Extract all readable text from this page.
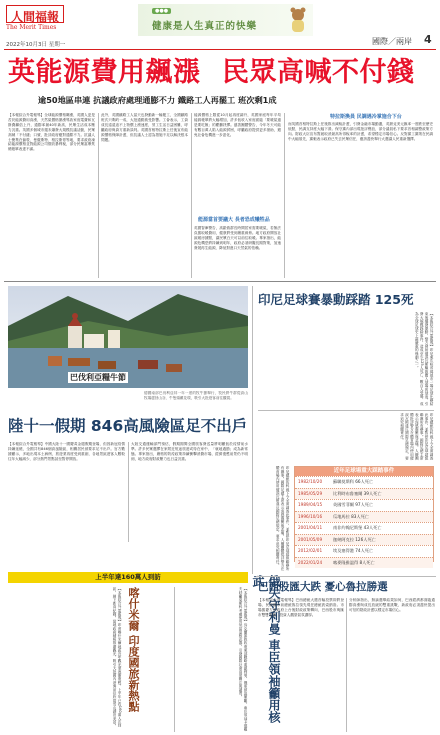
人間福報
The Merit Times
2022年10月3日 星期一
●●●
健康是人生真正的快樂
國際／兩岸 4
英能源費用飆漲 民眾高喊不付錢
逾50地區串連 抗議政府處理通膨不力 鐵路工人再罷工 班次剩1成
【本報綜合外電報導】全球能源價格飆漲，英國人更是苦於能源費用高漲，天然氣價格暴漲導致家庭電費和瓦斯費翻倍上升，通膨率創40年新高，民眾生活成本壓力沉重。英國多個城市週末爆發大規模抗議活動，民眾高喊「不付錢」口號，批評政府應對通膨不力。抗議人士聚集在倫敦、曼徹斯特、格拉斯哥等地，要求政府凍結能源價格並對能源公司徵收暴利稅，部分民眾當眾焚燒帳單表達不滿。
此外，英國鐵路工人當天也發動新一輪罷工，全國鐵路班次只剩約一成，大批通勤族受影響。工會表示，工資成長遠遠追不上物價上漲速度，勞工生活日益困難，呼籲政府與資方重新談判。英國首相特拉斯上任後宣布能源價格保障計畫，但抗議人士認為措施不足以解決根本問題。
能源價格上限從10月起再度調升，英國家庭每年平均能源帳單將大幅增加，許多低收入家庭面臨「要暖氣還是要吃飯」的艱難抉擇。慈善團體警告，今年冬天可能有數百萬人陷入能源貧困，呼籲政府提供更多援助，避免社會危機進一步惡化。
能源當首要議大 長者恐成犧牲品
英國智庫警告，高齡族群長時間居家需要暖氣，若無法負擔取暖費用，健康將受到嚴重威脅。地方政府開放社區暖房據點，讓民眾白天可以前往取暖。專家指出，能源危機恐將持續到明年，政府必須研擬長期對策，加速發展再生能源，降低對進口天然氣的依賴。
特拉斯換員 民調遇冷掌施合下台
而英國首相特拉斯上任後推出減稅計畫，引發金融市場動盪，英鎊兌美元匯率一度跌至歷史低點，民調支持度大幅下滑。保守黨內部出現批評聲浪，部分議員私下要求首相調整政策方向。財政大臣宣布暫緩取消最高所得稅率的計畫，希望穩定市場信心。反對黨工黨則在民調中大幅領先，黨魁表示政府已失去民眾信任，應該盡快舉行大選讓人民重新選擇。
巴伐利亞糧牛節
德國南部巴伐利亞邦一年一度的牧牛節舉行，牧民將牛群從高山牧場趕回山谷，牛隻頭戴花環，吸引大批遊客前往觀賞。
陸十一假期 846高風險區足不出戶
【本報綜合外電報導】中國大陸十一國慶黃金週假期登場，但因新冠疫情持續延燒，全國共有846個高風險區，相關居民被要求足不出戶。官方數據顯示，多地出現本土病例，旅遊業再度受到重創，各地景區遊客人數較往年大幅減少，部分熱門景點甚至暫停開放。
大陸交通運輸部門預估，假期期間全國旅客發送量將明顯低於疫情前水準。許多民眾選擇在家附近短途旅遊或待在家中，「就地過節」成為新常態。專家指出，嚴格的防疫政策持續衝擊消費市場，經濟復甦前景仍不明朗，地方政府財政壓力也日益沉重。
上半年達160萬人到訪
【本報綜合外電報導】印度喀什米爾地區近年觀光業逐漸復甦，上半年已有160萬人次到訪，創下新高紀錄。當地政府積極推廣觀光，吸引大批國內遊客前往欣賞雪山湖泊美景。 喀什米爾 印度國旅新熱點	【本報綜合外電報導】烏克蘭軍隊收復東部戰略重鎮利曼，俄軍被迫撤離。車臣領袖卡德羅夫呼籲莫斯科考慮使用低當量核武器，引發國際社會高度關注與譴責。	俄失守利曼 車臣領袖籲用核武
印尼足球賽暴動踩踏 125死
【本報綜合外電報導】印尼東爪哇省瑪琅市一場足球比賽結束後爆發暴動，警方發射催淚瓦斯驅散闖入球場的球迷，引發大規模踩踏事件，造成至少125人死亡、數百人受傷，成為全球足球史上最嚴重的慘劇之一。
印尼總統佐科威下令全面調查此事件，並暫停印尼足球超級聯賽所有賽事。國際足總主席表示深感震驚與悲痛。人權團體批評警方在體育場內使用催淚瓦斯違反國際足總規定，要求追究相關責任。
近年足球場重大踩踏事件
1982/10/20	蘇聯莫斯科 66人死亡
1985/05/29	比利時布魯塞爾 39人死亡
1989/04/15	英國雪菲爾 97人死亡
1996/10/16	瓜地馬拉 83人死亡
2001/04/11	南非約翰尼斯堡 43人死亡
2001/05/09	迦納阿克拉 126人死亡
2012/02/01	埃及塞得港 74人死亡
2022/01/24	喀麥隆雅溫得 8人死亡
印尼總統佐科威下令全面調查此事件，並暫停印尼足球超級聯賽所有賽事。國際足總主席表示深感震驚與悲痛。人權團體批評警方在體育場內使用催淚瓦斯違反國際足總規定，要求追究相關責任。
巴西股匯大跌 憂心魯拉勝選
【本報綜合外電報導】巴西總統大選首輪投票即將登場，民調顯示前總統魯拉領先現任總統波索納洛。市場擔憂左派政府上台後財政政策轉向，巴西股市與匯市雙雙重挫，投資人觀望氣氛濃厚。
分析師指出，無論選舉結果如何，巴西經濟都面臨通膨高漲與成長放緩的雙重挑戰，新政府必須盡快提出可信的財政計畫以穩定市場信心。
